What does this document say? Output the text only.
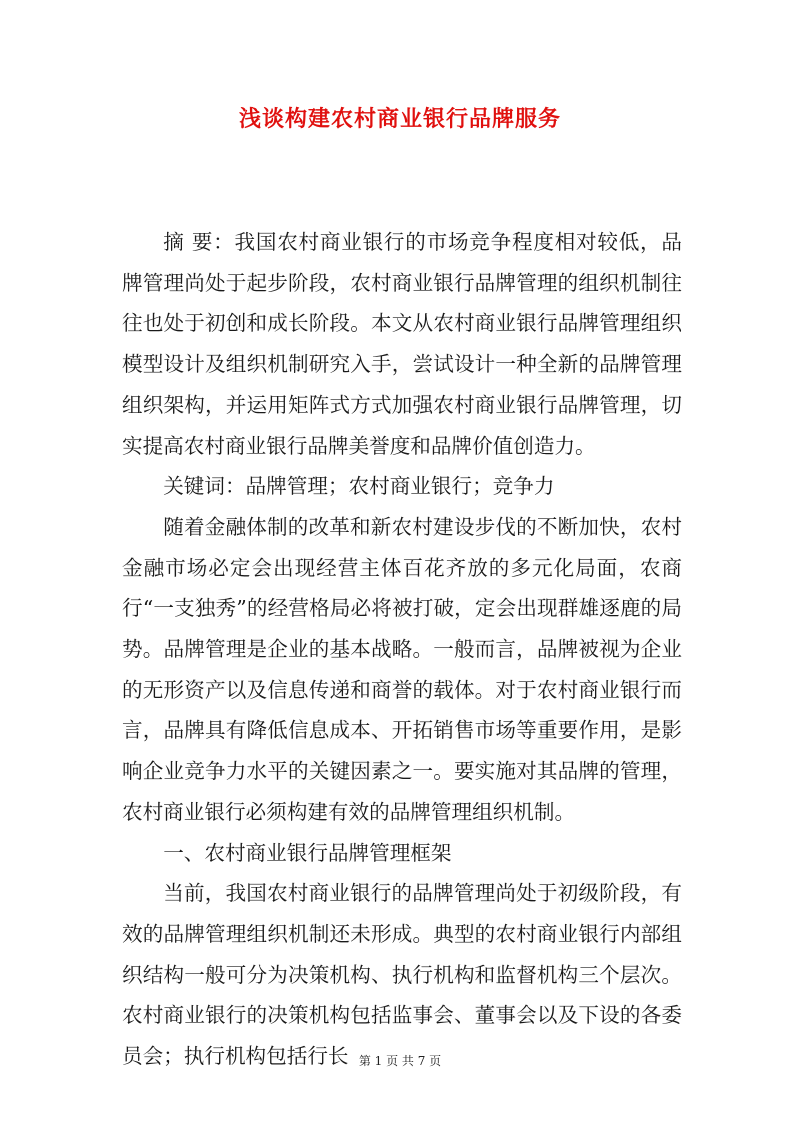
浅谈构建农村商业银行品牌服务

摘 要：我国农村商业银行的市场竞争程度相对较低，品牌管理尚处于起步阶段，农村商业银行品牌管理的组织机制往往也处于初创和成长阶段。本文从农村商业银行品牌管理组织模型设计及组织机制研究入手，尝试设计一种全新的品牌管理组织架构，并运用矩阵式方式加强农村商业银行品牌管理，切实提高农村商业银行品牌美誉度和品牌价值创造力。

关键词：品牌管理；农村商业银行；竞争力

随着金融体制的改革和新农村建设步伐的不断加快，农村金融市场必定会出现经营主体百花齐放的多元化局面，农商行“一支独秀”的经营格局必将被打破，定会出现群雄逐鹿的局势。品牌管理是企业的基本战略。一般而言，品牌被视为企业的无形资产以及信息传递和商誉的载体。对于农村商业银行而言，品牌具有降低信息成本、开拓销售市场等重要作用，是影响企业竞争力水平的关键因素之一。要实施对其品牌的管理，农村商业银行必须构建有效的品牌管理组织机制。

一、农村商业银行品牌管理框架

当前，我国农村商业银行的品牌管理尚处于初级阶段，有效的品牌管理组织机制还未形成。典型的农村商业银行内部组织结构一般可分为决策机构、执行机构和监督机构三个层次。农村商业银行的决策机构包括监事会、董事会以及下设的各委员会；执行机构包括行长 第 1 页 共 7 页
